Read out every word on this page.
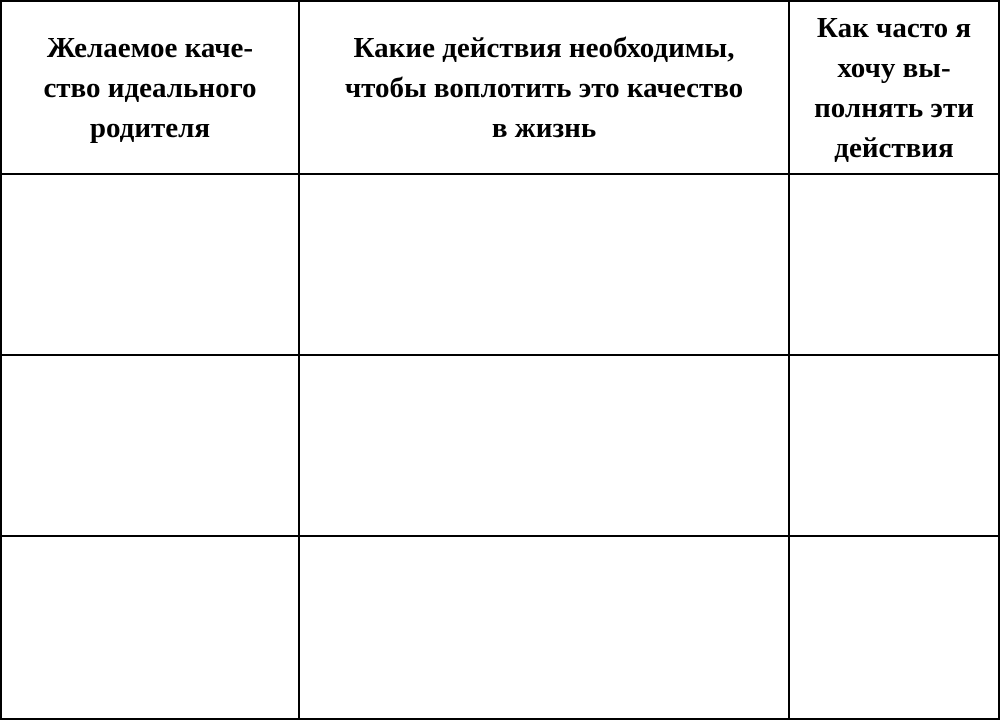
Желаемое каче-
ство идеального
родителя
Какие действия необходимы,
чтобы воплотить это качество
в жизнь
Как часто я
хочу вы-
полнять эти
действия
